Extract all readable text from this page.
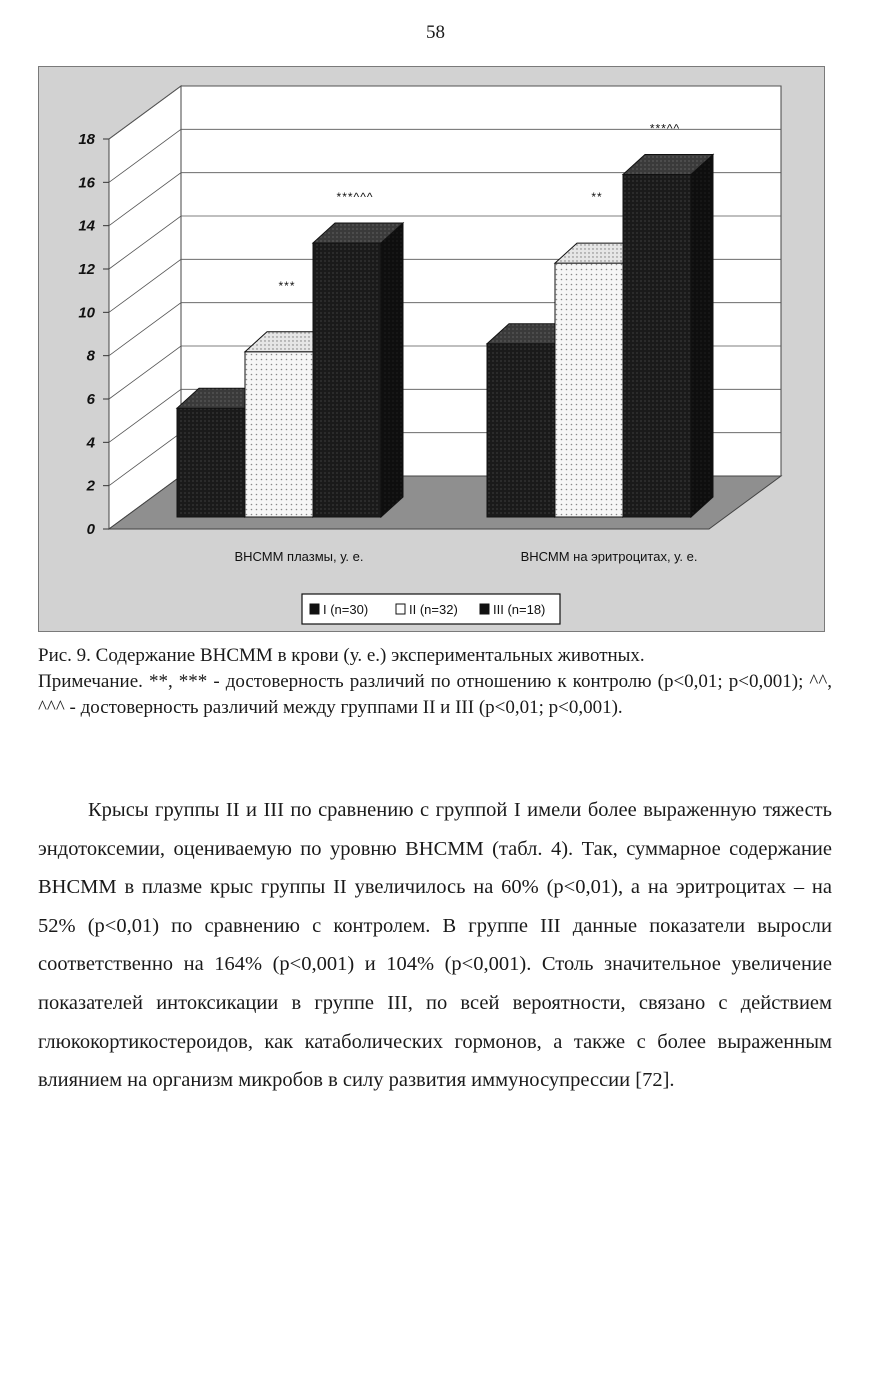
58
0
2
4
6
8
10
12
14
16
18
***
***^^^	**
***^^
ВНСММ плазмы, у. е.	ВНСММ на эритроцитах, у. е.
I (n=30)	II (n=32)	III (n=18)

Рис. 9. Содержание ВНСММ в крови (у. е.) экспериментальных животных.

Примечание. **, *** - достоверность различий по отношению к контролю (p<0,01; p<0,001); ^^, ^^^ - достоверность различий между группами II и III (p<0,01; p<0,001).

Крысы группы II и III по сравнению с группой I имели более выраженную тяжесть эндотоксемии, оцениваемую по уровню ВНСММ (табл. 4). Так, суммарное содержание ВНСММ в плазме крыс группы II увеличилось на 60% (p<0,01), а на эритроцитах – на 52% (p<0,01) по сравнению с контролем. В группе III данные показатели выросли соответственно на 164% (p<0,001) и 104% (p<0,001). Столь значительное увеличение показателей интоксикации в группе III, по всей вероятности, связано с действием глюкокортикостероидов, как катаболических гормонов, а также с более выраженным влиянием на организм микробов в силу развития иммуносупрессии [72].
